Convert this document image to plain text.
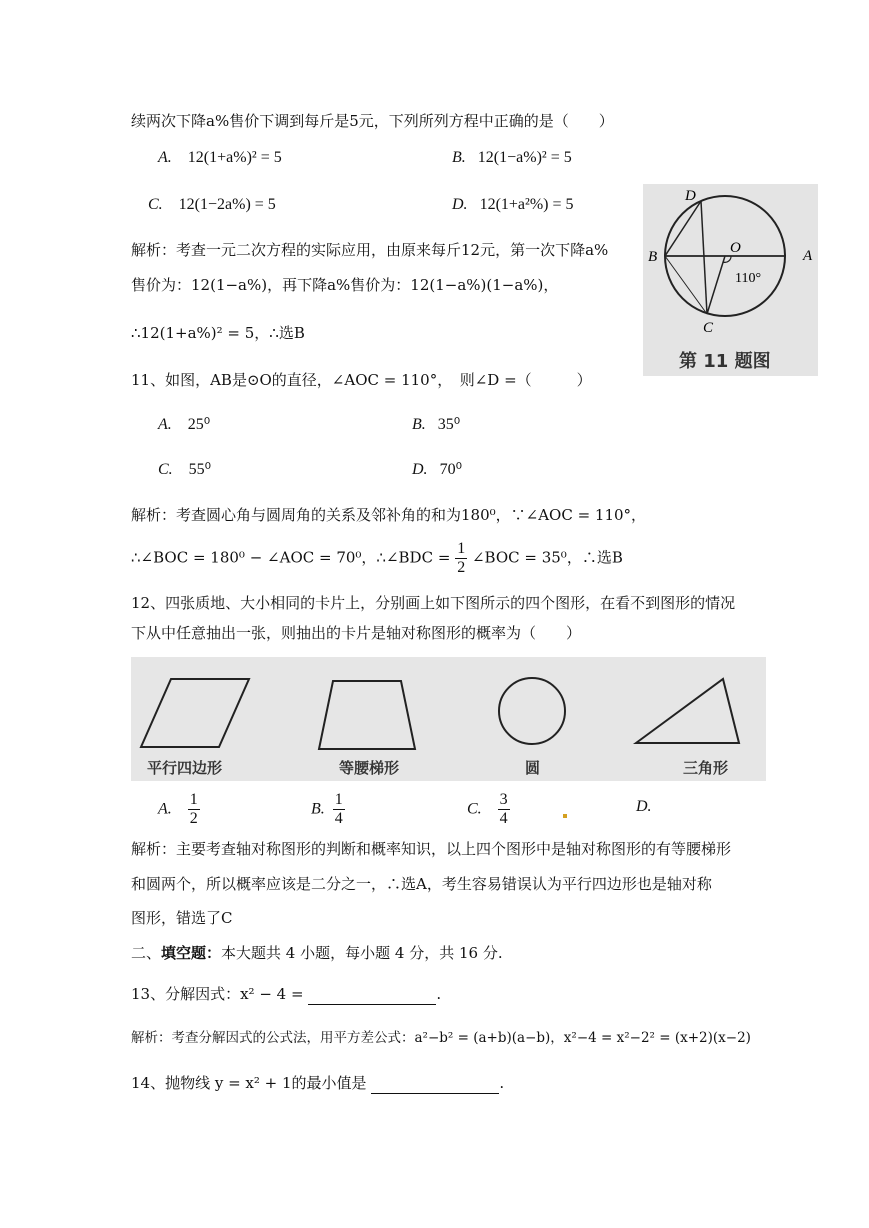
续两次下降a%售价下调到每斤是5元，下列所列方程中正确的是（　　）
A. 12(1+a%)² = 5	B. 12(1−a%)² = 5
C. 12(1−2a%) = 5	D. 12(1+a²%) = 5
解析：考查一元二次方程的实际应用，由原来每斤12元，第一次下降a%
售价为：12(1−a%)，再下降a%售价为：12(1−a%)(1−a%)，
∴12(1+a%)² = 5，∴选B
D
B
O	A
C
110°
第 11 题图
11、如图，AB是⊙O的直径，∠AOC = 110°，　则∠D =（　　　）
A. 25⁰	B. 35⁰
C. 55⁰	D. 70⁰
解析：考查圆心角与圆周角的关系及邻补角的和为180⁰，∵∠AOC = 110°，
∴∠BOC = 180⁰ − ∠AOC = 70⁰，∴∠BDC = $\frac{1}{2}$ ∠BOC = 35⁰，∴选B
12、四张质地、大小相同的卡片上，分别画上如下图所示的四个图形，在看不到图形的情况
下从中任意抽出一张，则抽出的卡片是轴对称图形的概率为（　　）
平行四边形	等腰梯形	圆	三角形
A. $\frac{1}{2}$	B. $\frac{1}{4}$	C. $\frac{3}{4}$	D.
解析：主要考查轴对称图形的判断和概率知识，以上四个图形中是轴对称图形的有等腰梯形
和圆两个，所以概率应该是二分之一，∴选A，考生容易错误认为平行四边形也是轴对称
图形，错选了C
二、填空题：本大题共 4 小题，每小题 4 分，共 16 分.
13、分解因式：x² − 4 =	.
解析：考查分解因式的公式法，用平方差公式：a²−b² = (a+b)(a−b)，x²−4 = x²−2² = (x+2)(x−2)
14、抛物线 y = x² + 1的最小值是	.
